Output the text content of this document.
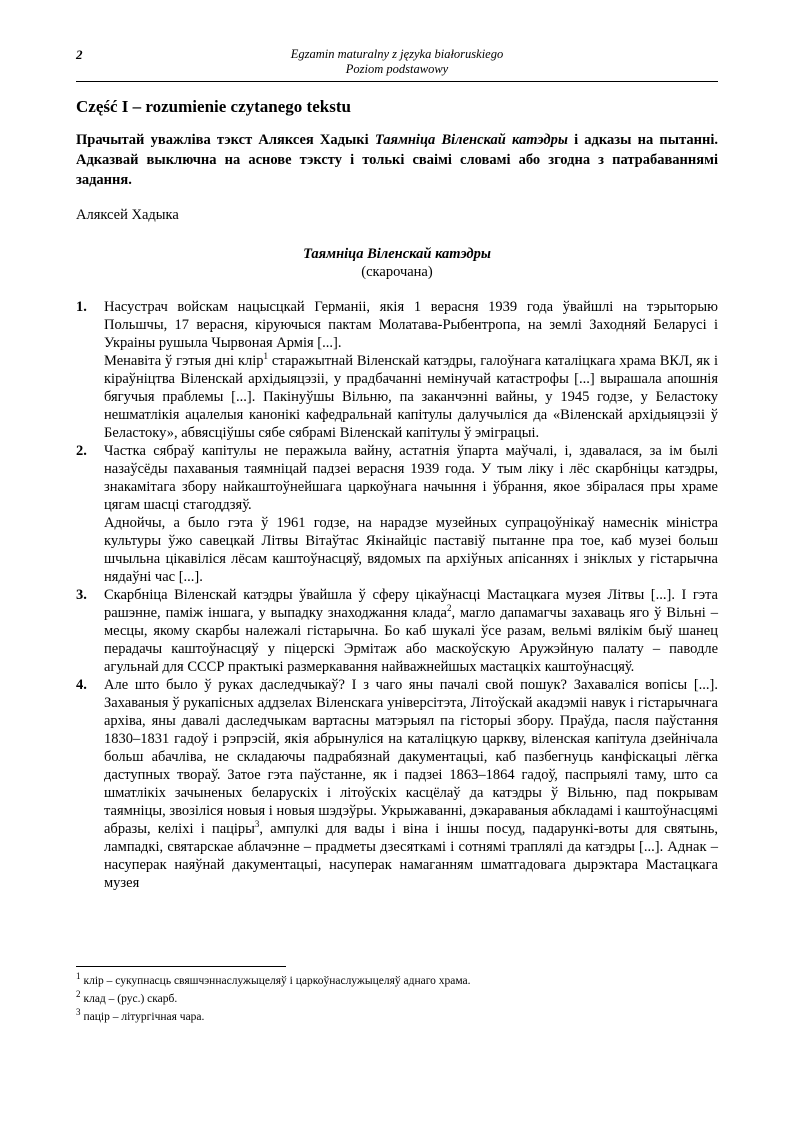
2	Egzamin maturalny z języka białoruskiego
Poziom podstawowy
Część I – rozumienie czytanego tekstu
Прачытай уважліва тэкст Аляксея Хадыкі Таямніца Віленскай катэдры і адказы на пытанні. Адказвай выключна на аснове тэксту і толькі сваімі словамі або згодна з патрабаваннямі задання.
Аляксей Хадыка
Таямніца Віленскай катэдры
(скарочана)
1. Насустрач войскам нацысцкай Германіі, якія 1 верасня 1939 года ўвайшлі на тэрыторыю Польшчы, 17 верасня, кіруючыся пактам Молатава-Рыбентропа, на землі Заходняй Беларусі і Украіны рушыла Чырвоная Армія [...].

Менавіта ў гэтыя дні клір$^1$ старажытнай Віленскай катэдры, галоўнага каталіцкага храма ВКЛ, як і кіраўніцтва Віленскай архідыяцэзіі, у прадбачанні немінучай катастрофы [...] вырашала апошнія бягучыя праблемы [...]. Пакінуўшы Вільню, па заканчэнні вайны, у 1945 годзе, у Беластоку нешматлікія ацалелыя канонікі кафедральнай капітулы далучыліся да «Віленскай архідыяцэзіі ў Беластоку», абвясціўшы сябе сябрамі Віленскай капітулы ў эміграцыі.

2. Частка сябраў капітулы не перажыла вайну, астатнія ўпарта маўчалі, і, здавалася, за ім былі назаўсёды пахаваныя таямніцай падзеі верасня 1939 года. У тым ліку і лёс скарбніцы катэдры, знакамітага збору найкаштоўнейшага царкоўнага начыння і ўбрання, якое збіралася пры храме цягам шасці стагоддзяў.

Аднойчы, а было гэта ў 1961 годзе, на нарадзе музейных супрацоўнікаў намеснік міністра культуры ўжо савецкай Літвы Вітаўтас Якінайціс паставіў пытанне пра тое, каб музеі больш шчыльна цікавіліся лёсам каштоўнасцяў, вядомых па архіўных апісаннях і зніклых у гістарычна нядаўні час [...].

3. Скарбніца Віленскай катэдры ўвайшла ў сферу цікаўнасці Мастацкага музея Літвы [...]. І гэта рашэнне, паміж іншага, у выпадку знаходжання клада$^2$, магло дапамагчы захаваць яго ў Вільні – месцы, якому скарбы належалі гістарычна. Бо каб шукалі ўсе разам, вельмі вялікім быў шанец перадачы каштоўнасцяў у піцерскі Эрмітаж або маскоўскую Аружэйную палату – паводле агульнай для СССР практыкі размеркавання найважнейшых мастацкіх каштоўнасцяў.

4. Але што было ў руках даследчыкаў? І з чаго яны пачалі свой пошук? Захаваліся вопісы [...]. Захаваныя ў рукапісных аддзелах Віленскага універсітэта, Літоўскай акадэміі навук і гістарычнага архіва, яны давалі даследчыкам вартасны матэрыял па гісторыі збору. Праўда, пасля паўстання 1830–1831 гадоў і рэпрэсій, якія абрынуліся на каталіцкую царкву, віленская капітула дзейнічала больш абачліва, не складаючы падрабязнай дакументацыі, каб пазбегнуць канфіскацыі лёгка даступных твораў. Затое гэта паўстанне, як і падзеі 1863–1864 гадоў, паспрыялі таму, што са шматлікіх зачыненых беларускіх і літоўскіх касцёлаў да катэдры ў Вільню, пад покрывам таямніцы, звозіліся новыя і новыя шэдэўры. Укрыжаванні, дэкараваныя абкладамі і каштоўнасцямі абразы, келіхі і паціры$^3$, ампулкі для вады і віна і іншы посуд, падарункі-воты для святынь, лампадкі, святарскае аблачэнне – прадметы дзесяткамі і сотнямі траплялі да катэдры [...]. Аднак – насуперак наяўнай дакументацыі, насуперак намаганням шматгадовага дырэктара Мастацкага музея

$^1$ клір – сукупнасць свяшчэннаслужыцеляў і царкоўнаслужыцеляў аднаго храма.
$^2$ клад – (рус.) скарб.
$^3$ паціp – літургічная чара.
